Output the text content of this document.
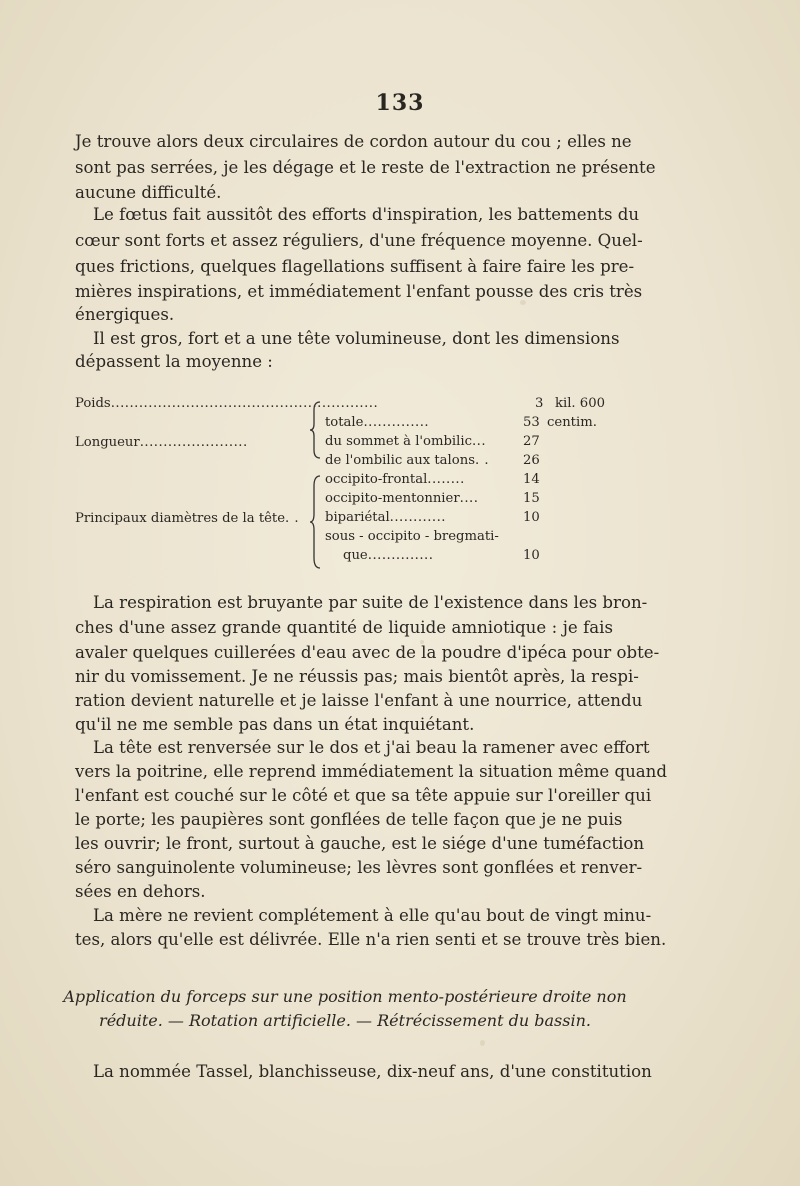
133
Je trouve alors deux circulaires de cordon autour du cou ; elles ne
sont pas serrées, je les dégage et le reste de l'extraction ne présente
aucune difficulté.
Le fœtus fait aussitôt des efforts d'inspiration, les battements du
cœur sont forts et assez réguliers, d'une fréquence moyenne. Quel-
ques frictions, quelques flagellations suffisent à faire faire les pre-
mières inspirations, et immédiatement l'enfant pousse des cris très
énergiques.
Il est gros, fort et a une tête volumineuse, dont les dimensions
dépassent la moyenne :
Poids.........................................................	3 kil. 600
Longueur.......................
totale..............	53 centim.
du sommet à l'ombilic...	27
de l'ombilic aux talons. .	26
Principaux diamètres de la tête. .
occipito-frontal........	14
occipito-mentonnier....	15
bipariétal............	10
sous - occipito - bregmati-
que..............	10
La respiration est bruyante par suite de l'existence dans les bron-
ches d'une assez grande quantité de liquide amniotique : je fais
avaler quelques cuillerées d'eau avec de la poudre d'ipéca pour obte-
nir du vomissement. Je ne réussis pas; mais bientôt après, la respi-
ration devient naturelle et je laisse l'enfant à une nourrice, attendu
qu'il ne me semble pas dans un état inquiétant.
La tête est renversée sur le dos et j'ai beau la ramener avec effort
vers la poitrine, elle reprend immédiatement la situation même quand
l'enfant est couché sur le côté et que sa tête appuie sur l'oreiller qui
le porte; les paupières sont gonflées de telle façon que je ne puis
les ouvrir; le front, surtout à gauche, est le siége d'une tuméfaction
séro sanguinolente volumineuse; les lèvres sont gonflées et renver-
sées en dehors.
La mère ne revient complétement à elle qu'au bout de vingt minu-
tes, alors qu'elle est délivrée. Elle n'a rien senti et se trouve très bien.
Application du forceps sur une position mento-postérieure droite non
réduite. — Rotation artificielle. — Rétrécissement du bassin.
La nommée Tassel, blanchisseuse, dix-neuf ans, d'une constitution
